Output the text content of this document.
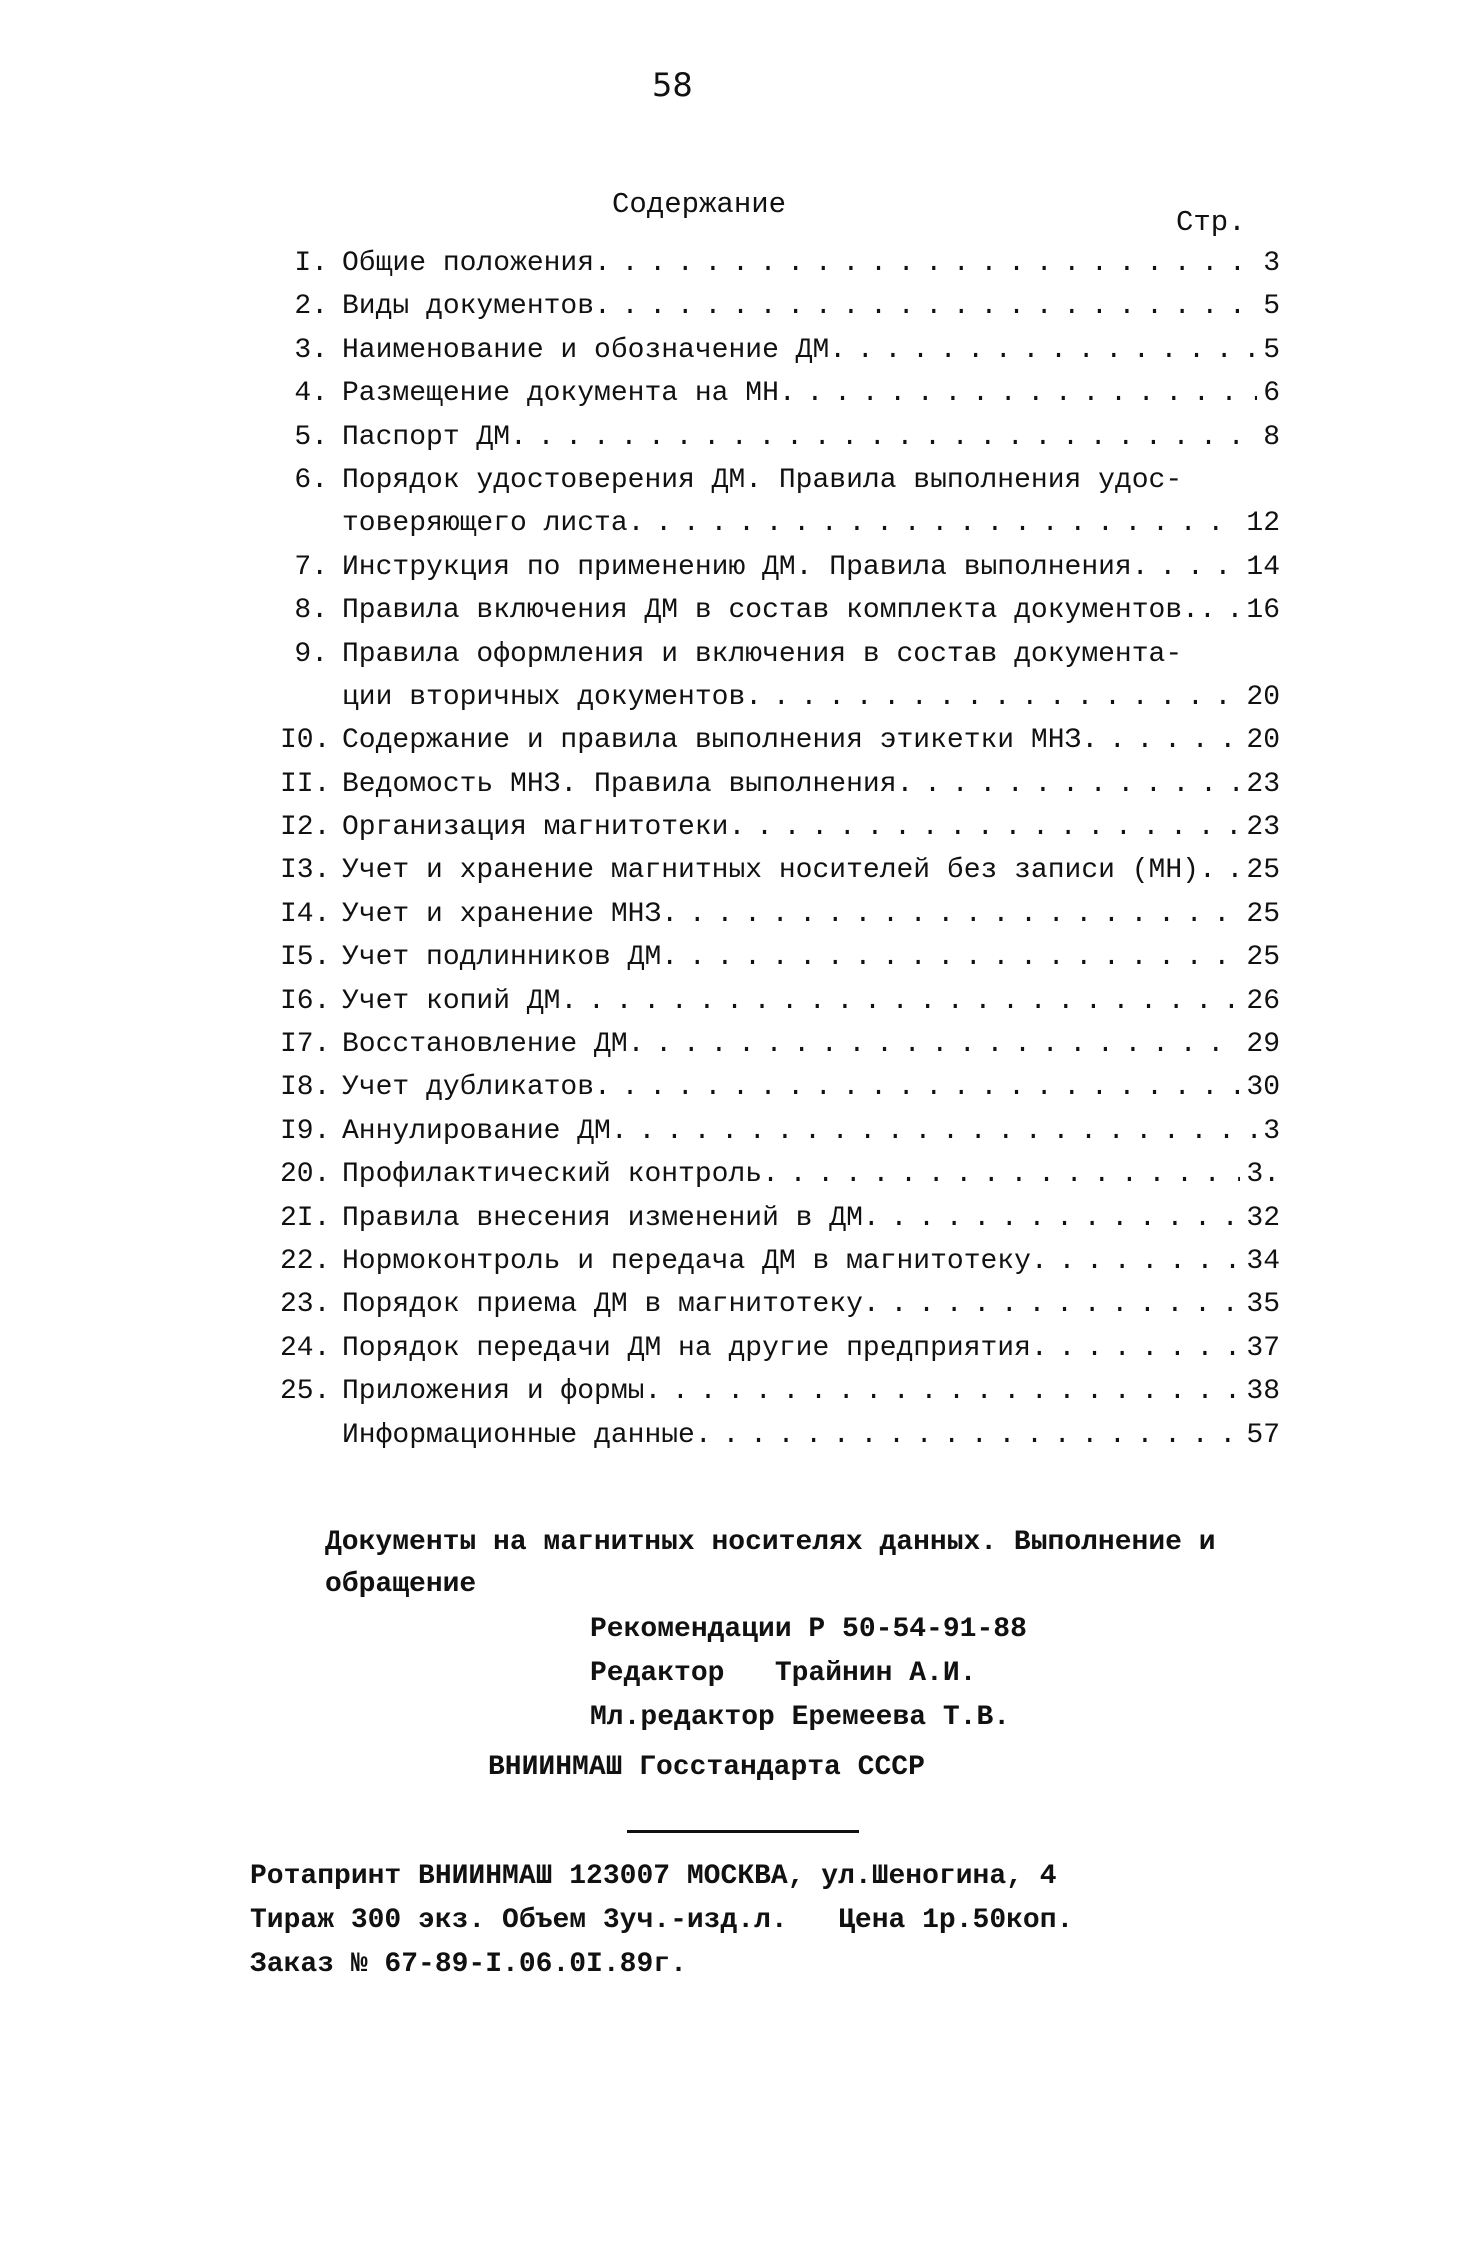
58
Содержание
Стр.
I. Общие положения . . .	3
2. Виды документов . . .	5
3. Наименование и обозначение ДМ . . .	5
4. Размещение документа на МН . . .	6
5. Паспорт ДМ . . .	8
6. Порядок удостоверения ДМ. Правила выполнения удос-
товеряющего листа . . .	12
7. Инструкция по применению ДМ. Правила выполнения . . .	14
8. Правила включения ДМ в состав комплекта документов. . . . 16
9. Правила оформления и включения в состав документа-
ции вторичных документов . . .	20
I0. Содержание и правила выполнения этикетки МНЗ . . .	20
II. Ведомость МНЗ. Правила выполнения . . .	23
I2. Организация магнитотеки . . .	23
I3. Учет и хранение магнитных носителей без записи (МН) . . . 25
I4. Учет и хранение МНЗ . . .	25
I5. Учет подлинников ДМ . . .	25
I6. Учет копий ДМ . . .	26
I7. Восстановление ДМ . . .	29
I8. Учет дубликатов . . .	30
I9. Аннулирование ДМ . . .	3
20. Профилактический контроль . . .	3.
2I. Правила внесения изменений в ДМ . . .	32
22. Нормоконтроль и передача ДМ в магнитотеку . . .	34
23. Порядок приема ДМ в магнитотеку . . .	35
24. Порядок передачи ДМ на другие предприятия . . .	37
25. Приложения и формы . . .	38
Информационные данные . . .	57
Документы на магнитных носителях данных. Выполнение и обращение
Рекомендации Р 50-54-91-88
Редактор   Трайнин А.И.
Мл.редактор Еремеева Т.В.
ВНИИНМАШ Госстандарта СССР
Ротапринт ВНИИНМАШ 123007 МОСКВА, ул.Шеногина, 4
Тираж 300 экз. Объем 3уч.-изд.л.   Цена 1р.50коп.
Заказ № 67-89-I.06.0I.89г.
